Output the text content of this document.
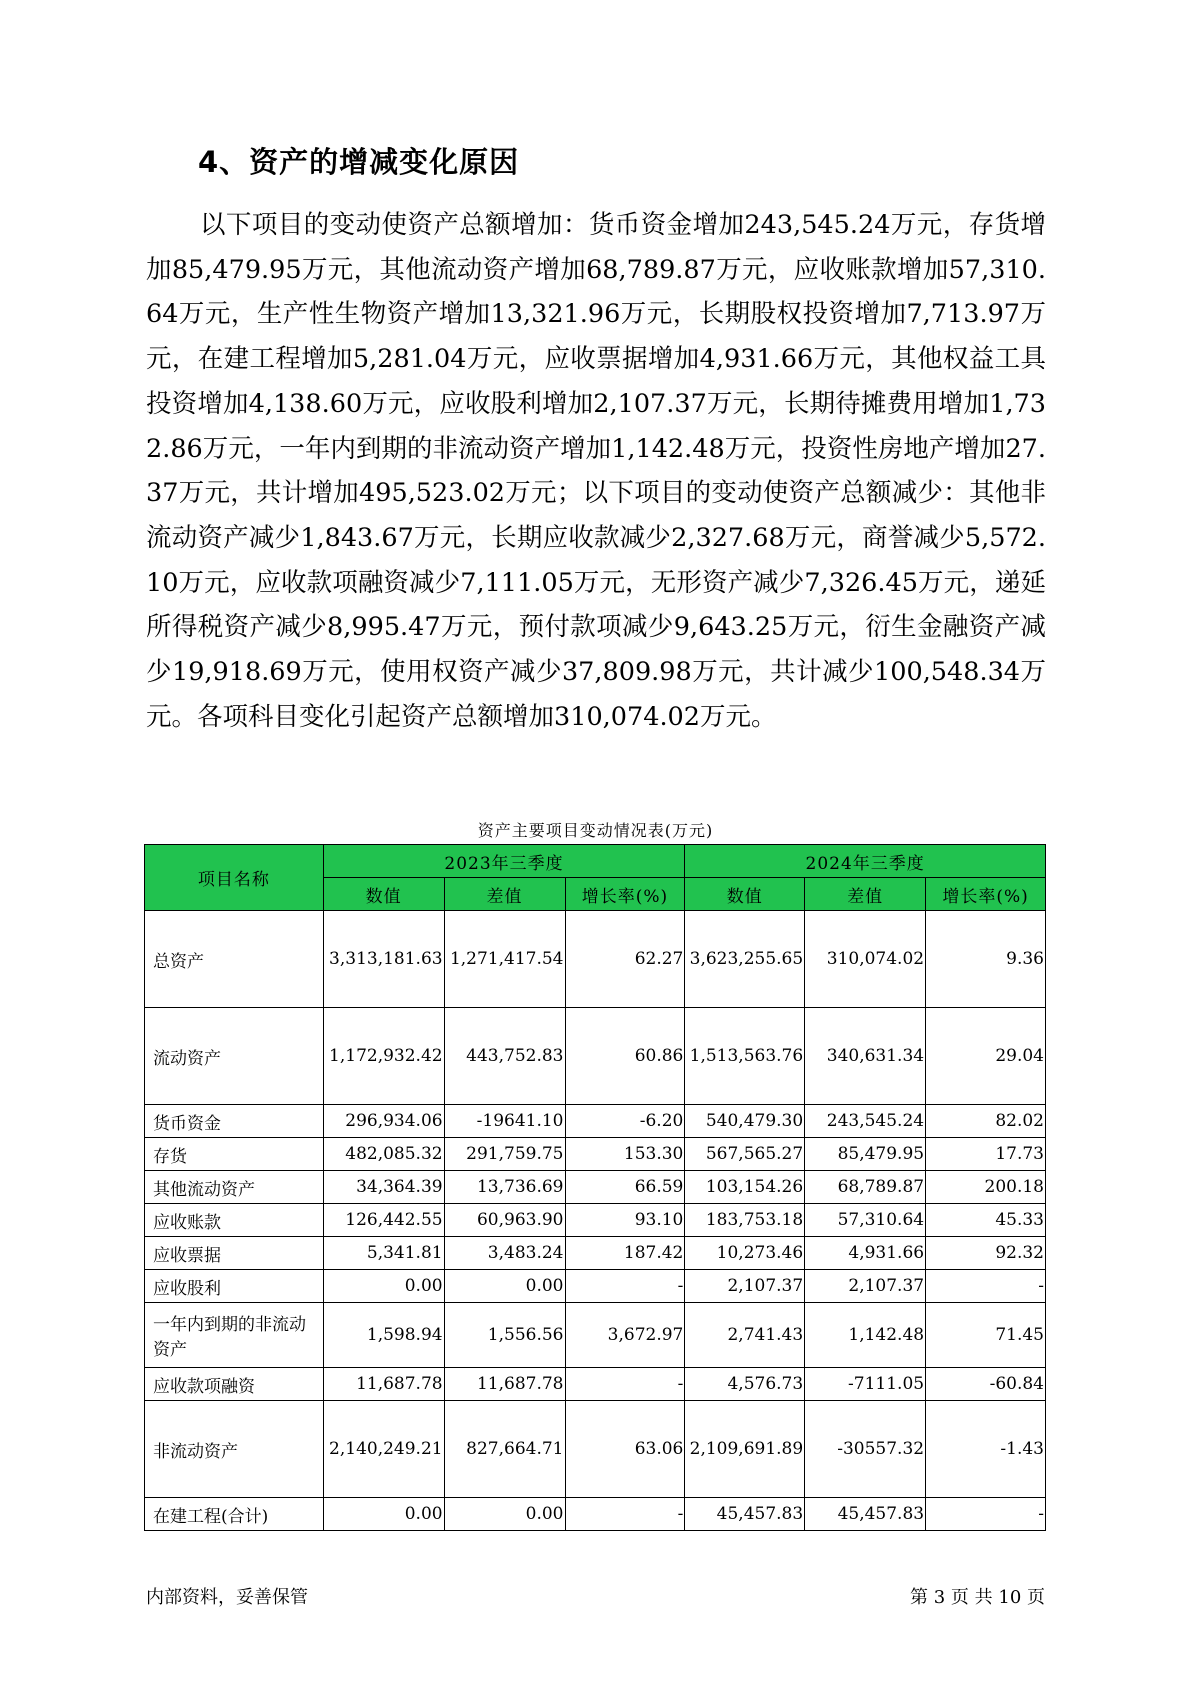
4、资产的增减变化原因
以下项目的变动使资产总额增加：货币资金增加243,545.24万元，存货增加85,479.95万元，其他流动资产增加68,789.87万元，应收账款增加57,310.64万元，生产性生物资产增加13,321.96万元，长期股权投资增加7,713.97万元，在建工程增加5,281.04万元，应收票据增加4,931.66万元，其他权益工具投资增加4,138.60万元，应收股利增加2,107.37万元，长期待摊费用增加1,732.86万元，一年内到期的非流动资产增加1,142.48万元，投资性房地产增加27.37万元，共计增加495,523.02万元；以下项目的变动使资产总额减少：其他非流动资产减少1,843.67万元，长期应收款减少2,327.68万元，商誉减少5,572.10万元，应收款项融资减少7,111.05万元，无形资产减少7,326.45万元，递延所得税资产减少8,995.47万元，预付款项减少9,643.25万元，衍生金融资产减少19,918.69万元，使用权资产减少37,809.98万元，共计减少100,548.34万元。各项科目变化引起资产总额增加310,074.02万元。
资产主要项目变动情况表(万元)
项目名称	2023年三季度			2024年三季度		
	数值	差值	增长率(%)	数值	差值	增长率(%)
总资产	3,313,181.63	1,271,417.54	62.27	3,623,255.65	310,074.02	9.36
流动资产	1,172,932.42	443,752.83	60.86	1,513,563.76	340,631.34	29.04
货币资金	296,934.06	-19641.10	-6.20	540,479.30	243,545.24	82.02
存货	482,085.32	291,759.75	153.30	567,565.27	85,479.95	17.73
其他流动资产	34,364.39	13,736.69	66.59	103,154.26	68,789.87	200.18
应收账款	126,442.55	60,963.90	93.10	183,753.18	57,310.64	45.33
应收票据	5,341.81	3,483.24	187.42	10,273.46	4,931.66	92.32
应收股利	0.00	0.00	-	2,107.37	2,107.37	-
一年内到期的非流动资产	1,598.94	1,556.56	3,672.97	2,741.43	1,142.48	71.45
应收款项融资	11,687.78	11,687.78	-	4,576.73	-7111.05	-60.84
非流动资产	2,140,249.21	827,664.71	63.06	2,109,691.89	-30557.32	-1.43
在建工程(合计)	0.00	0.00	-	45,457.83	45,457.83	-
内部资料，妥善保管	第 3 页 共 10 页
